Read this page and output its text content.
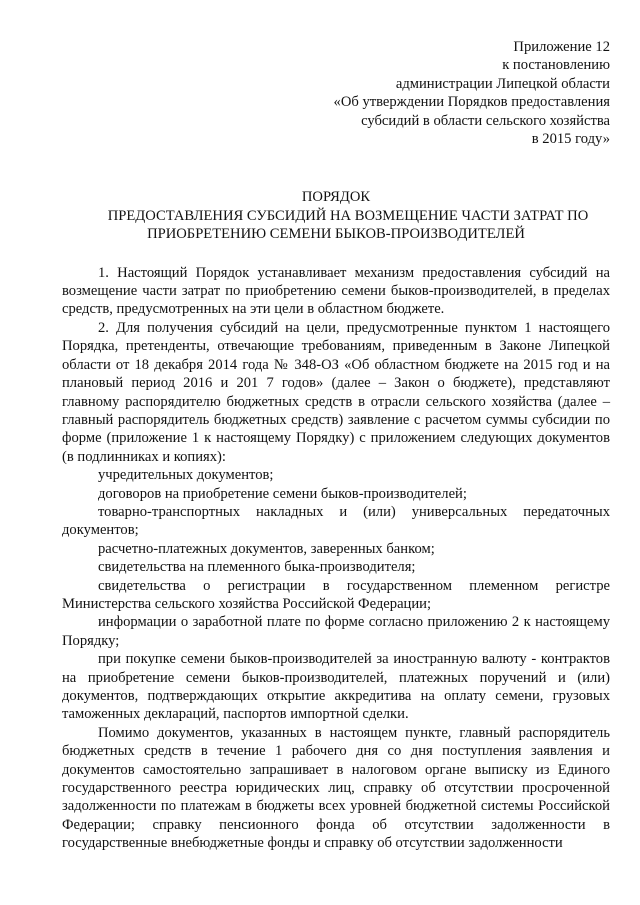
Приложение 12
к постановлению
администрации Липецкой области
«Об утверждении Порядков предоставления
субсидий в области сельского хозяйства
в 2015 году»
ПОРЯДОК
ПРЕДОСТАВЛЕНИЯ СУБСИДИЙ НА ВОЗМЕЩЕНИЕ ЧАСТИ ЗАТРАТ ПО
ПРИОБРЕТЕНИЮ СЕМЕНИ БЫКОВ-ПРОИЗВОДИТЕЛЕЙ

1. Настоящий Порядок устанавливает механизм предоставления субсидий на возмещение части затрат по приобретению семени быков-производителей, в пределах средств, предусмотренных на эти цели в областном бюджете.

2. Для получения субсидий на цели, предусмотренные пунктом 1 настоящего Порядка, претенденты, отвечающие требованиям, приведенным в Законе Липецкой области от 18 декабря 2014 года № 348-ОЗ «Об областном бюджете на 2015 год и на плановый период 2016 и 201 7 годов» (далее – Закон о бюджете), представляют главному распорядителю бюджетных средств в отрасли сельского хозяйства (далее – главный распорядитель бюджетных средств) заявление с расчетом суммы субсидии по форме (приложение 1 к настоящему Порядку) с приложением следующих документов (в подлинниках и копиях):

учредительных документов;

договоров на приобретение семени быков-производителей;

товарно-транспортных накладных и (или) универсальных передаточных документов;

расчетно-платежных документов, заверенных банком;

свидетельства на племенного быка-производителя;

свидетельства о регистрации в государственном племенном регистре Министерства сельского хозяйства Российской Федерации;

информации о заработной плате по форме согласно приложению 2 к настоящему Порядку;

при покупке семени быков-производителей за иностранную валюту - контрактов на приобретение семени быков-производителей, платежных поручений и (или) документов, подтверждающих открытие аккредитива на оплату семени, грузовых таможенных деклараций, паспортов импортной сделки.

Помимо документов, указанных в настоящем пункте, главный распорядитель бюджетных средств в течение 1 рабочего дня со дня поступления заявления и документов самостоятельно запрашивает в налоговом органе выписку из Единого государственного реестра юридических лиц, справку об отсутствии просроченной задолженности по платежам в бюджеты всех уровней бюджетной системы Российской Федерации; справку пенсионного фонда об отсутствии задолженности в государственные внебюджетные фонды и справку об отсутствии задолженности
